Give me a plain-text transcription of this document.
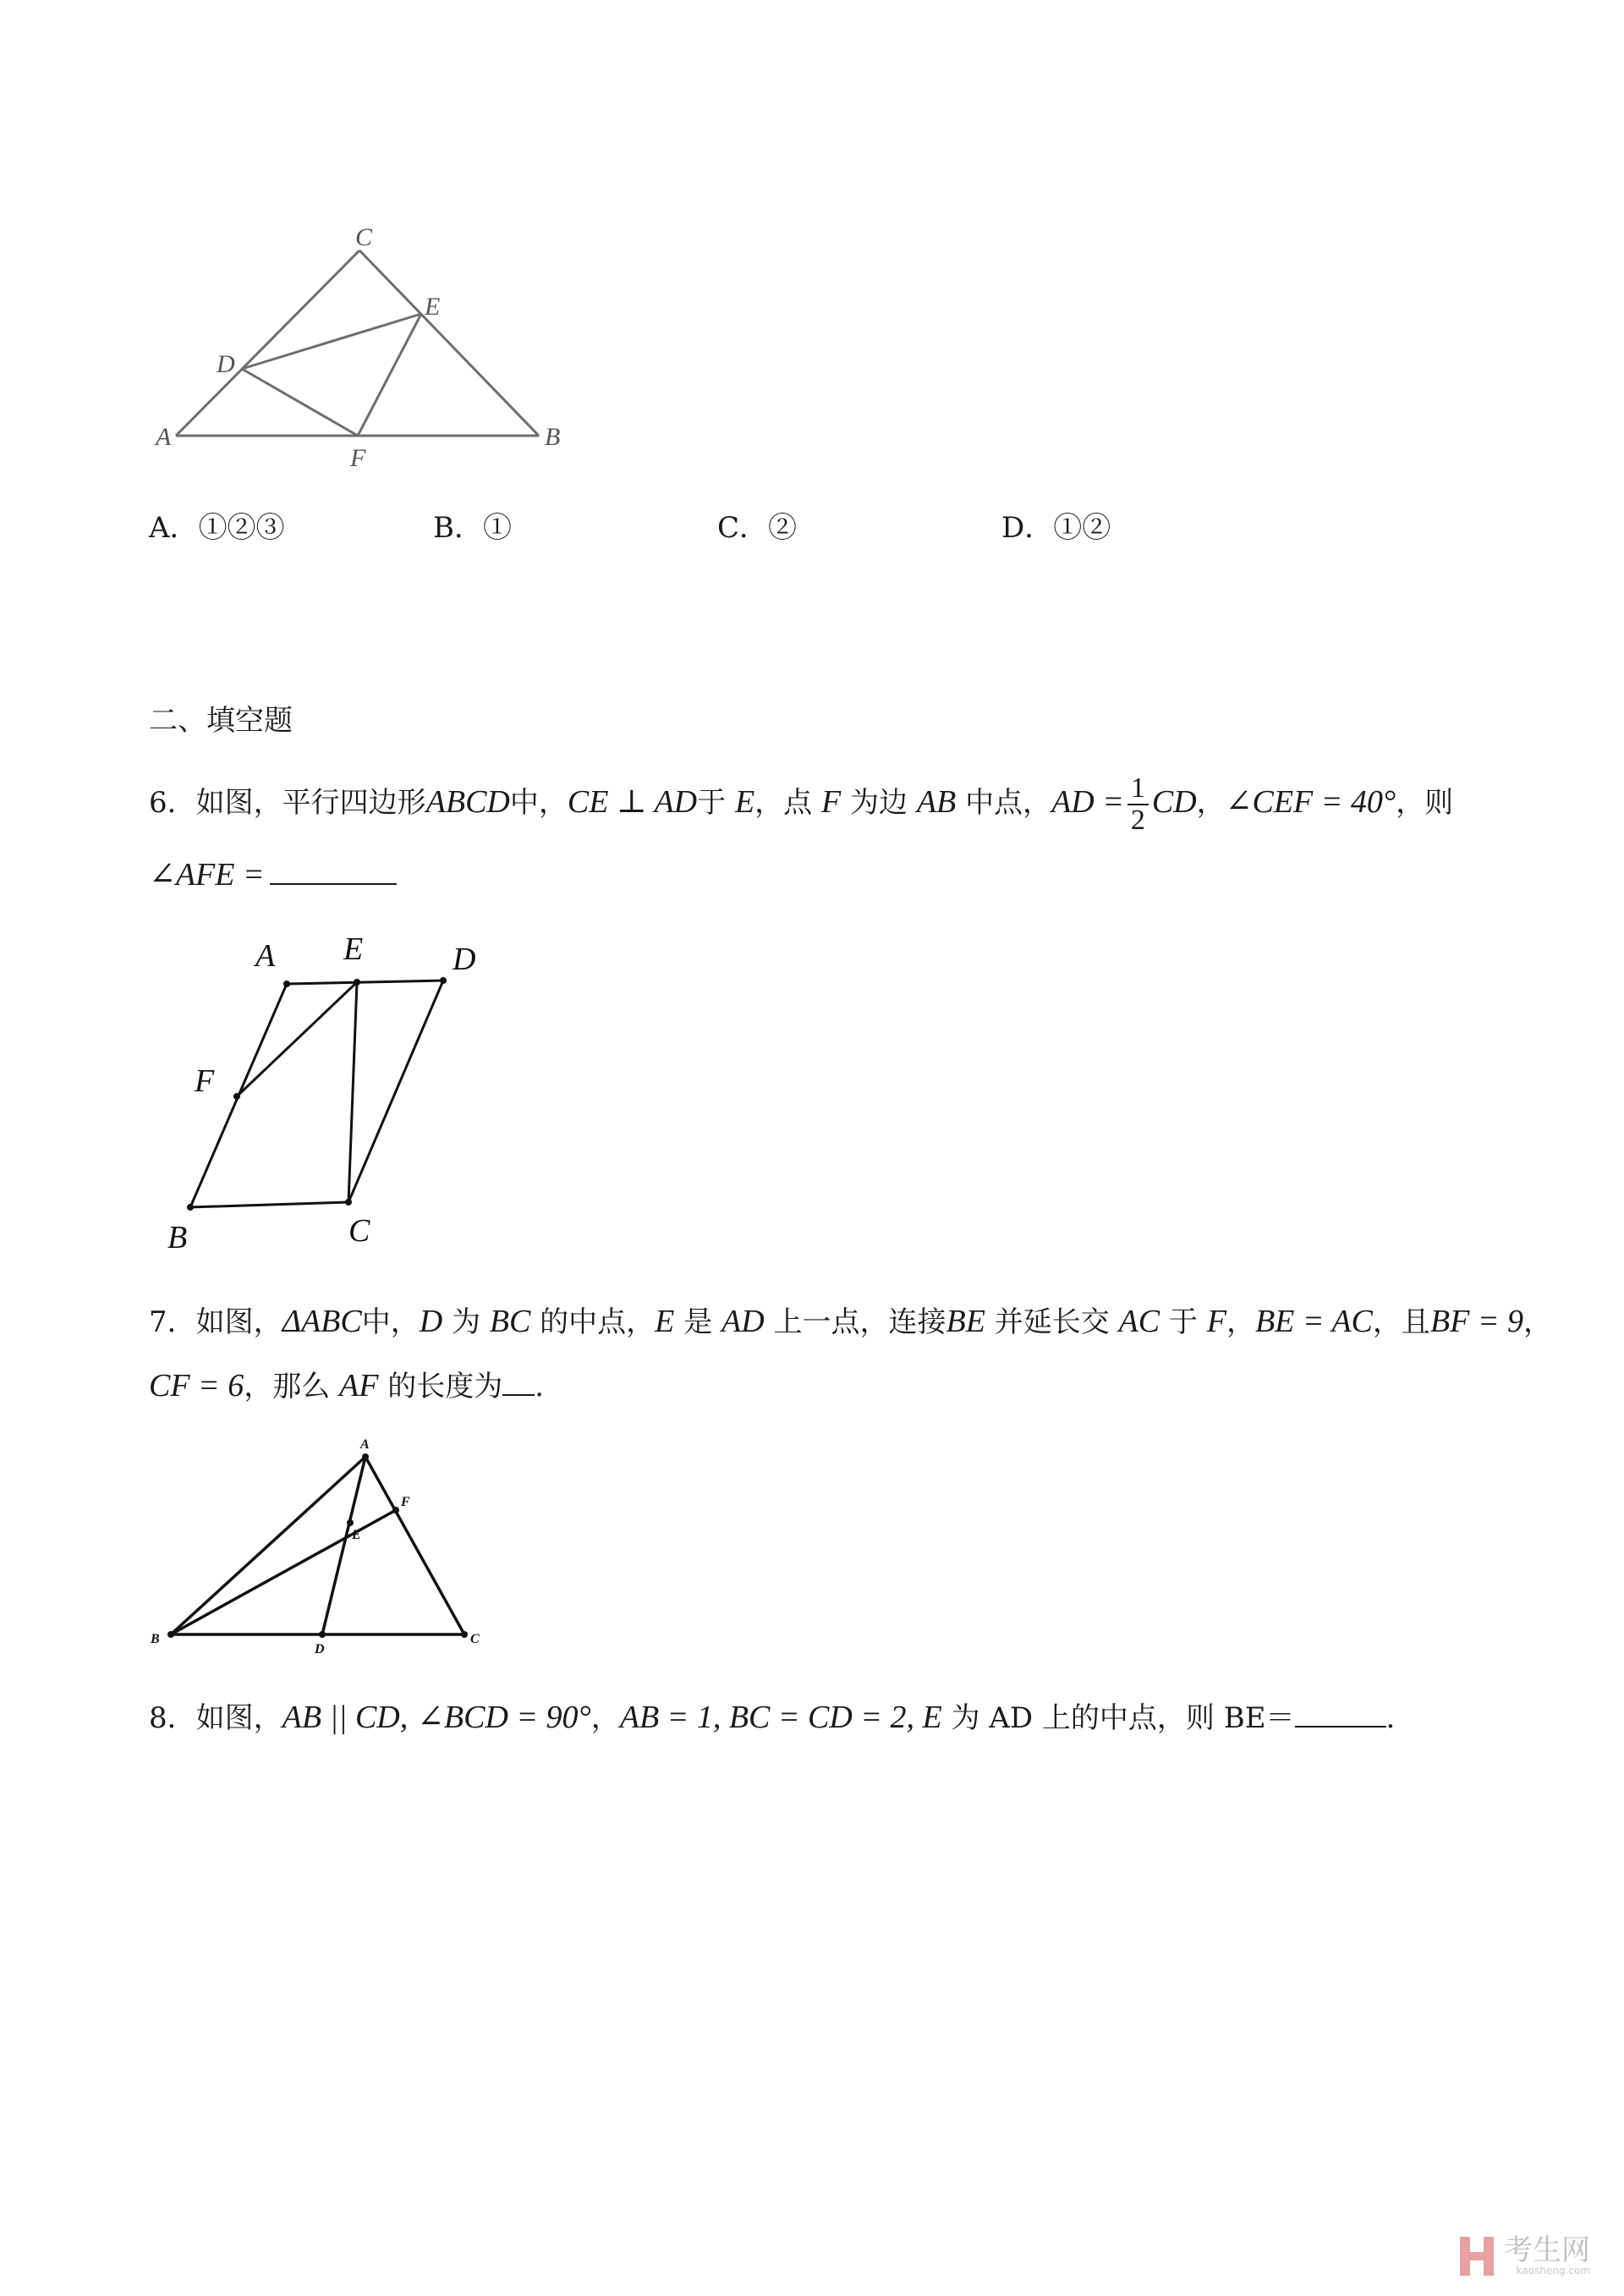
C
E
D
A
F
B
A．①②③	B．①	C．②	D．①②
二、填空题
6．如图，平行四边形ABCD中，CE ⊥ AD于 E，点 F 为边 AB 中点，AD = $\frac{1}{2}$ CD，∠CEF = 40°，则
∠AFE =
A E	D
F
B	C
7．如图，ΔABC中，D 为 BC 的中点，E 是 AD 上一点，连接BE 并延长交 AC 于 F，BE = AC，且BF = 9，
CF = 6，那么 AF 的长度为 .
A
F
E
B
D
C
8．如图，AB || CD, ∠BCD = 90°，AB = 1, BC = CD = 2, E 为 AD 上的中点，则 BE＝	.
考生网
kaosheng.com
